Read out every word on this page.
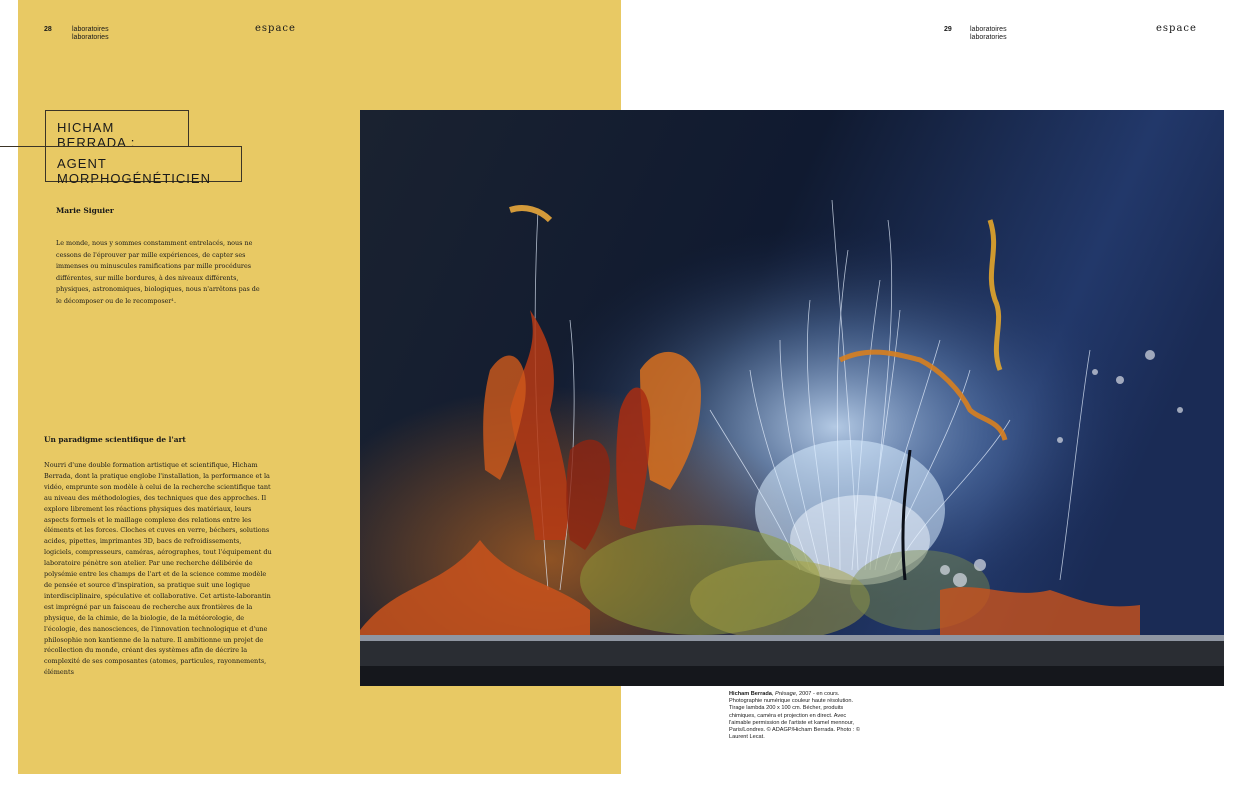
28	laboratoires
laboratories
espace
HICHAM BERRADA :
AGENT MORPHOGÉNÉTICIEN
Marie Siguier

Le monde, nous y sommes constamment entrelacés, nous ne cessons de l'éprouver par mille expériences, de capter ses immenses ou minuscules ramifications par mille procédures différentes, sur mille bordures, à des niveaux différents, physiques, astronomiques, biologiques, nous n'arrêtons pas de le décomposer ou de le recomposer¹.

Un paradigme scientifique de l'art

Nourri d'une double formation artistique et scientifique, Hicham Berrada, dont la pratique englobe l'installation, la performance et la vidéo, emprunte son modèle à celui de la recherche scientifique tant au niveau des méthodologies, des techniques que des approches. Il explore librement les réactions physiques des matériaux, leurs aspects formels et le maillage complexe des relations entre les éléments et les forces. Cloches et cuves en verre, béchers, solutions acides, pipettes, imprimantes 3D, bacs de refroidissements, logiciels, compresseurs, caméras, aérographes, tout l'équipement du laboratoire pénètre son atelier. Par une recherche délibérée de polysémie entre les champs de l'art et de la science comme modèle de pensée et source d'inspiration, sa pratique suit une logique interdisciplinaire, spéculative et collaborative. Cet artiste-laborantin est imprégné par un faisceau de recherche aux frontières de la physique, de la chimie, de la biologie, de la météorologie, de l'écologie, des nanosciences, de l'innovation technologique et d'une philosophie non kantienne de la nature. Il ambitionne un projet de récollection du monde, créant des systèmes afin de décrire la complexité de ses composantes (atomes, particules, rayonnements, éléments

29	laboratoires
laboratories
espace
Hicham Berrada, Présage, 2007 - en cours. Photographie numérique couleur haute résolution. Tirage lambda 200 x 100 cm. Bécher, produits chimiques, caméra et projection en direct. Avec l'aimable permission de l'artiste et kamel mennour, Paris/Londres. © ADAGP/Hicham Berrada. Photo : © Laurent Lecat.
